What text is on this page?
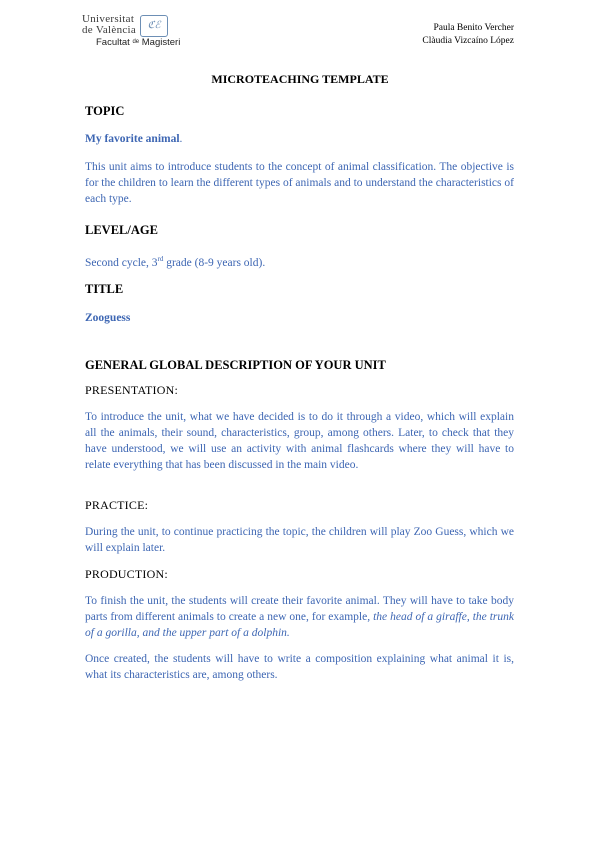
Universitat
de València	ℭℰ
Facultat $^{de}$ Magisteri
Paula Benito Vercher
Clàudia Vizcaíno López
MICROTEACHING TEMPLATE
TOPIC
My favorite animal.
This unit aims to introduce students to the concept of animal classification. The objective is for the children to learn the different types of animals and to understand the characteristics of each type.
LEVEL/AGE
Second cycle, 3rd grade (8-9 years old).
TITLE
Zooguess
GENERAL GLOBAL DESCRIPTION OF YOUR UNIT
PRESENTATION:
To introduce the unit, what we have decided is to do it through a video, which will explain all the animals, their sound, characteristics, group, among others. Later, to check that they have understood, we will use an activity with animal flashcards where they will have to relate everything that has been discussed in the main video.
PRACTICE:
During the unit, to continue practicing the topic, the children will play Zoo Guess, which we will explain later.
PRODUCTION:
To finish the unit, the students will create their favorite animal. They will have to take body parts from different animals to create a new one, for example, the head of a giraffe, the trunk of a gorilla, and the upper part of a dolphin.
Once created, the students will have to write a composition explaining what animal it is, what its characteristics are, among others.
